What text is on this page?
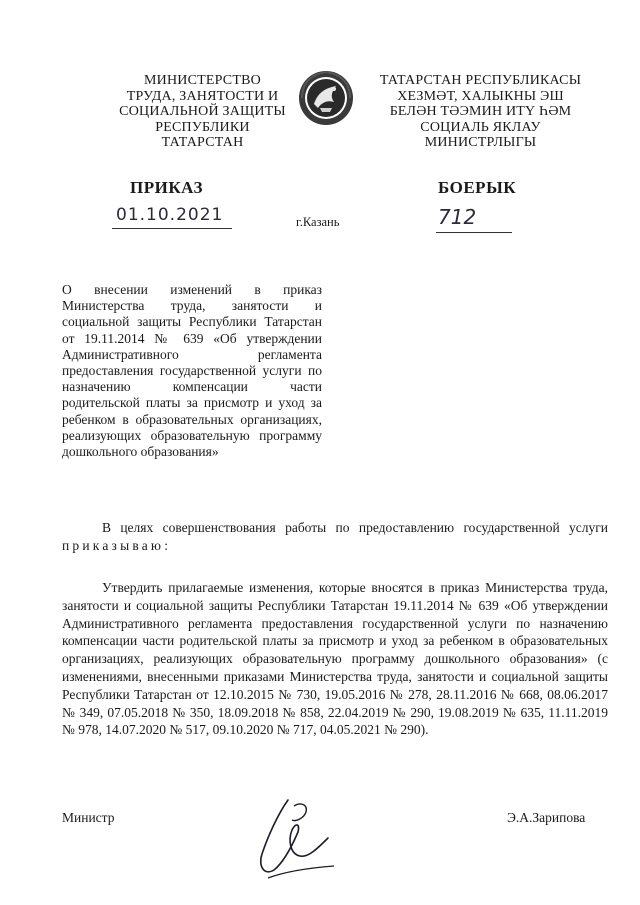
МИНИСТЕРСТВО
ТРУДА, ЗАНЯТОСТИ И
СОЦИАЛЬНОЙ ЗАЩИТЫ
РЕСПУБЛИКИ
ТАТАРСТАН
ТАТАРСТАН РЕСПУБЛИКАСЫ
ХЕЗМӘТ, ХАЛЫКНЫ ЭШ
БЕЛӘН ТӘЭМИН ИТҮ ҺӘМ
СОЦИАЛЬ ЯКЛАУ
МИНИСТРЛЫГЫ
ПРИКАЗ	БОЕРЫК
01.10.2021	г.Казань	712
О внесении изменений в приказ Министерства труда, занятости и социальной защиты Республики Татарстан от 19.11.2014 № 639 «Об утверждении Административного регламента предоставления государственной услуги по назначению компенсации части родительской платы за присмотр и уход за ребенком в образовательных организациях, реализующих образовательную программу дошкольного образования»
В целях совершенствования работы по предоставлению государственной услуги приказываю:
Утвердить прилагаемые изменения, которые вносятся в приказ Министерства труда, занятости и социальной защиты Республики Татарстан 19.11.2014 № 639 «Об утверждении Административного регламента предоставления государственной услуги по назначению компенсации части родительской платы за присмотр и уход за ребенком в образовательных организациях, реализующих образовательную программу дошкольного образования» (с изменениями, внесенными приказами Министерства труда, занятости и социальной защиты Республики Татарстан от 12.10.2015 № 730, 19.05.2016 № 278, 28.11.2016 № 668, 08.06.2017 № 349, 07.05.2018 № 350, 18.09.2018 № 858, 22.04.2019 № 290, 19.08.2019 № 635, 11.11.2019 № 978, 14.07.2020 № 517, 09.10.2020 № 717, 04.05.2021 № 290).
Министр	Э.А.Зарипова
